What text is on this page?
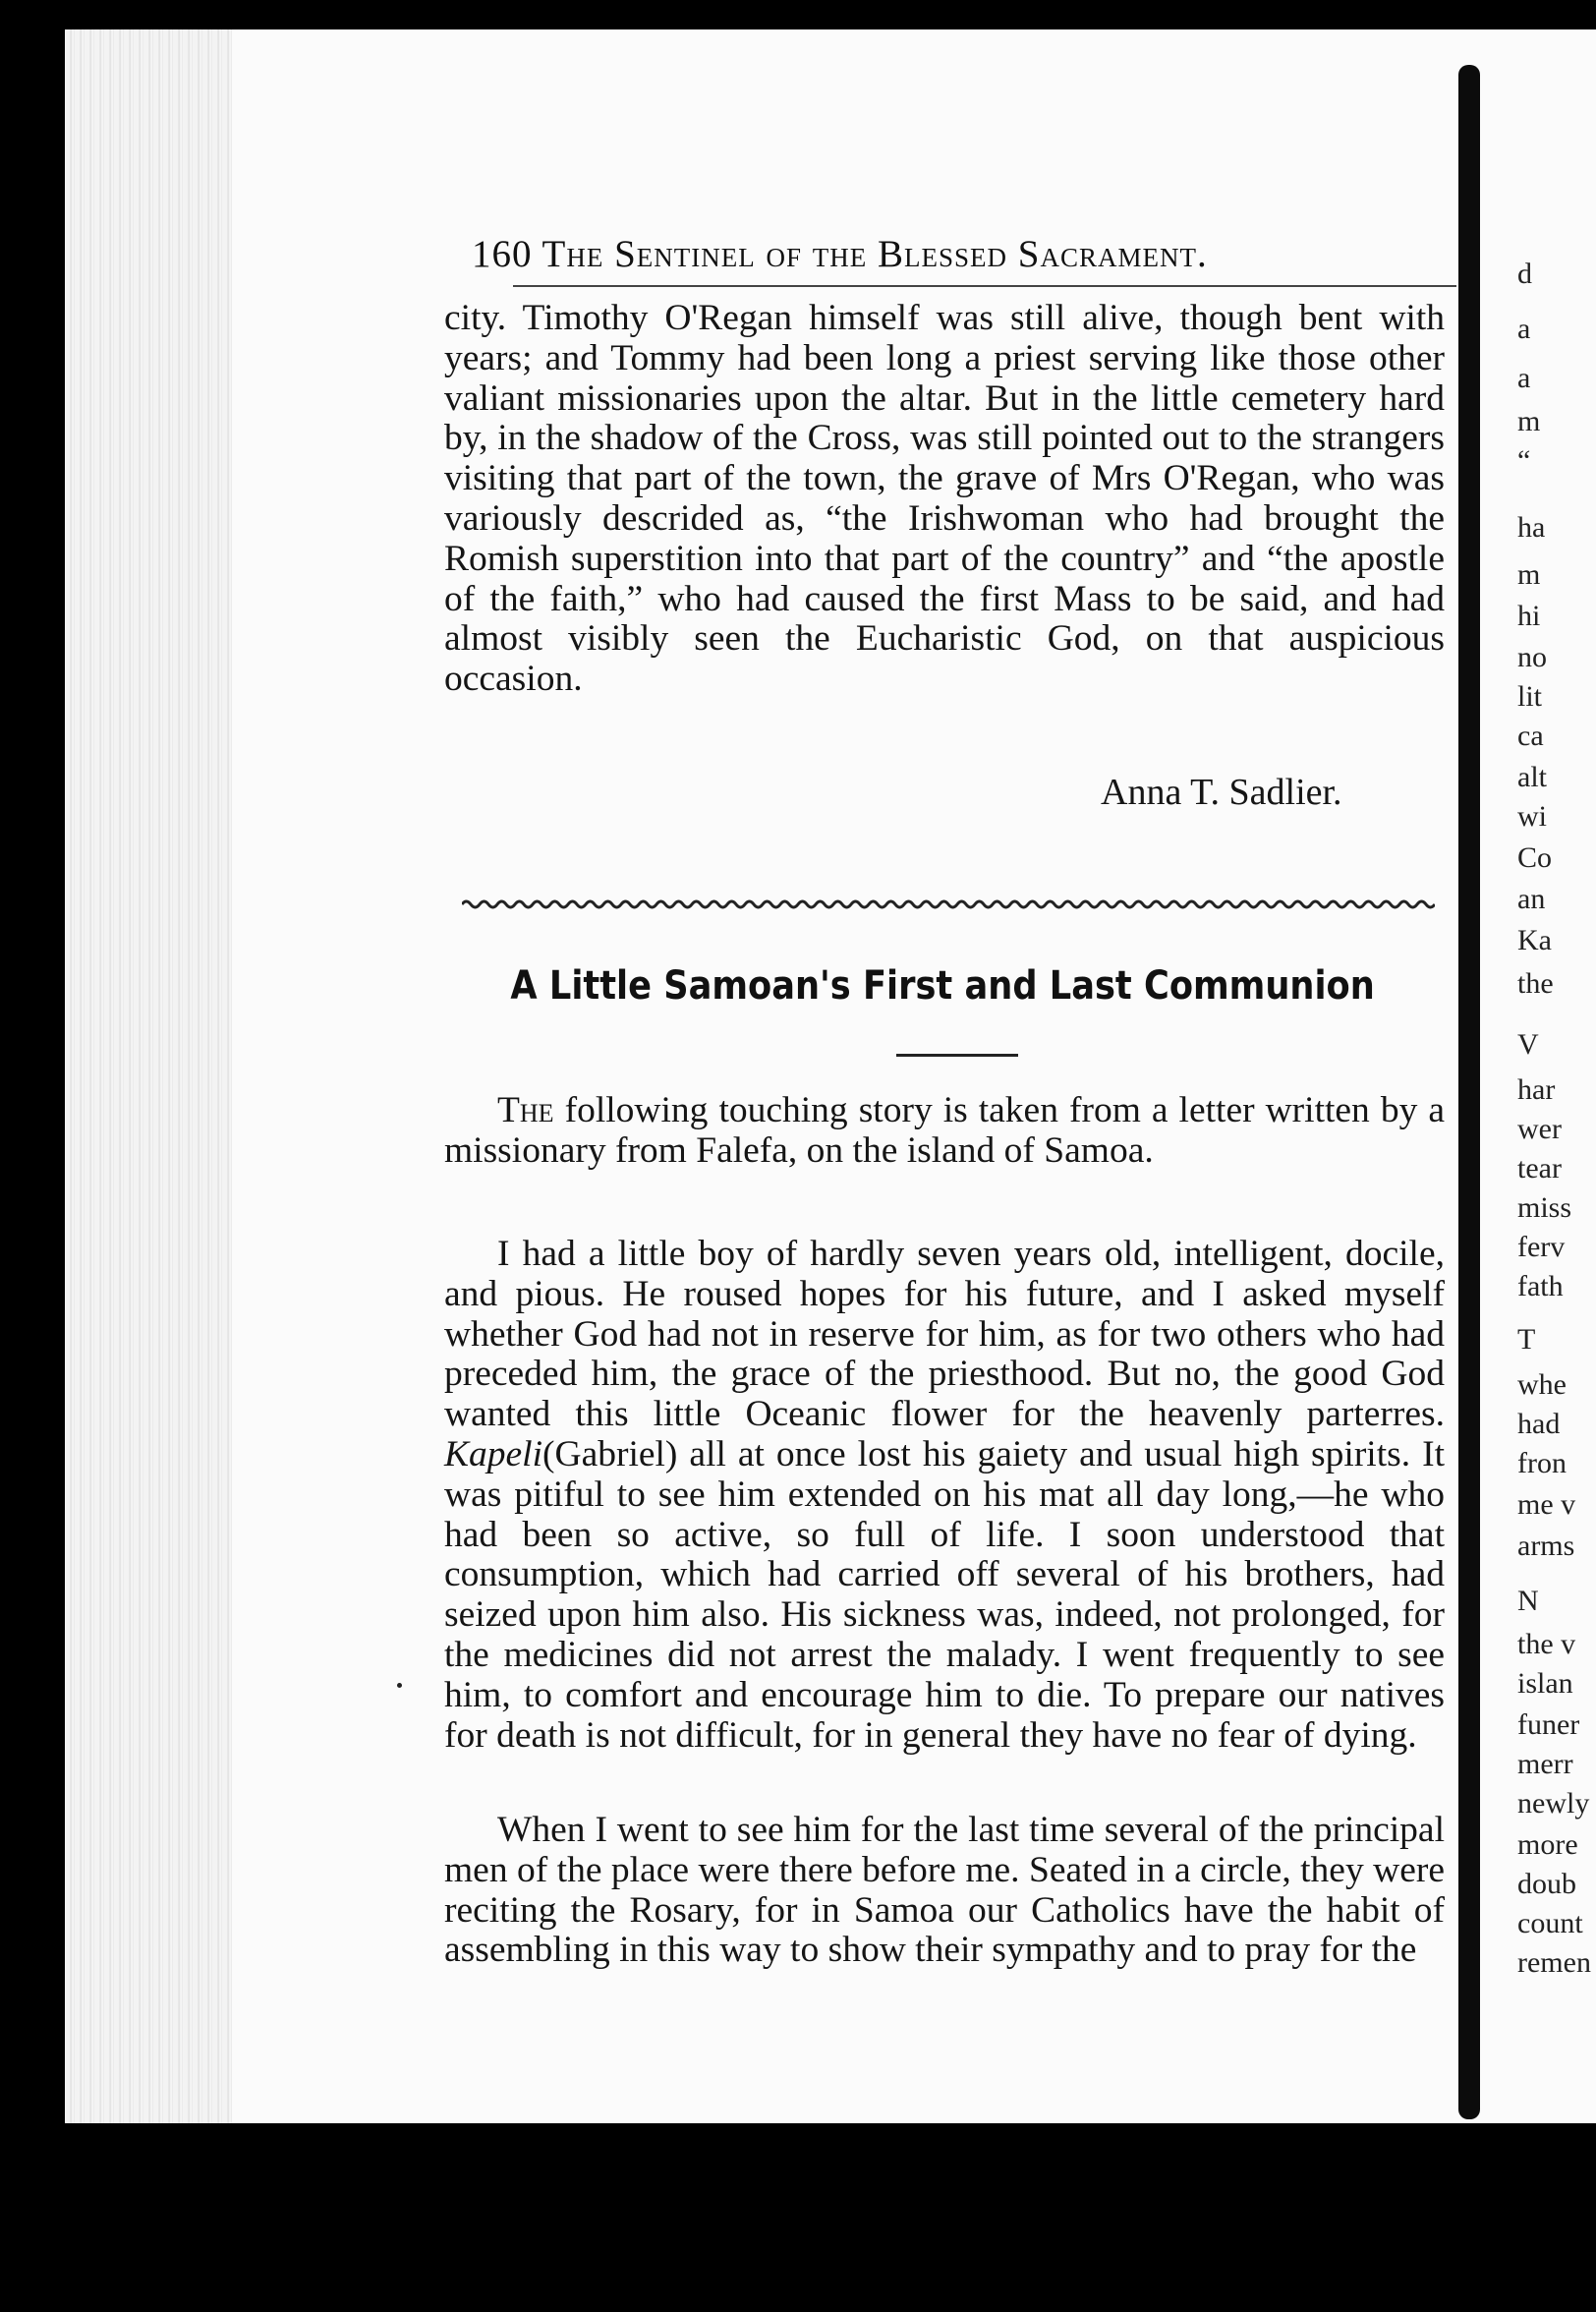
d
a
a
m
“
ha
m
hi
no
lit
ca
alt
wi
Co
an
Ka
the
V
har
wer
tear
miss
ferv
fath
T
whe
had
fron
me v
arms
N
the v
islan
funer
merr
newly
more
doub
count
remen
160 The Sentinel of the Blessed Sacrament.

city. Timothy O'Regan himself was still alive, though bent with years; and Tommy had been long a priest serving like those other valiant missionaries upon the altar. But in the little cemetery hard by, in the shadow of the Cross, was still pointed out to the strangers visiting that part of the town, the grave of Mrs O'Regan, who was variously descrided as, “the Irishwoman who had brought the Romish superstition into that part of the country” and “the apostle of the faith,” who had caused the first Mass to be said, and had almost visibly seen the Eucharistic God, on that auspicious occasion.

Anna T. Sadlier.
A Little Samoan's First and Last Communion

The following touching story is taken from a letter written by a missionary from Falefa, on the island of Samoa.

I had a little boy of hardly seven years old, intelligent, docile, and pious. He roused hopes for his future, and I asked myself whether God had not in reserve for him, as for two others who had preceded him, the grace of the priesthood. But no, the good God wanted this little Oceanic flower for the heavenly parterres. Kapeli(Gabriel) all at once lost his gaiety and usual high spirits. It was pitiful to see him extended on his mat all day long,—he who had been so active, so full of life. I soon understood that consumption, which had carried off several of his brothers, had seized upon him also. His sickness was, indeed, not prolonged, for the medicines did not arrest the malady. I went frequently to see him, to comfort and encourage him to die. To prepare our natives for death is not difficult, for in general they have no fear of dying.

When I went to see him for the last time several of the principal men of the place were there before me. Seated in a circle, they were reciting the Rosary, for in Samoa our Catholics have the habit of assembling in this way to show their sympathy and to pray for the
